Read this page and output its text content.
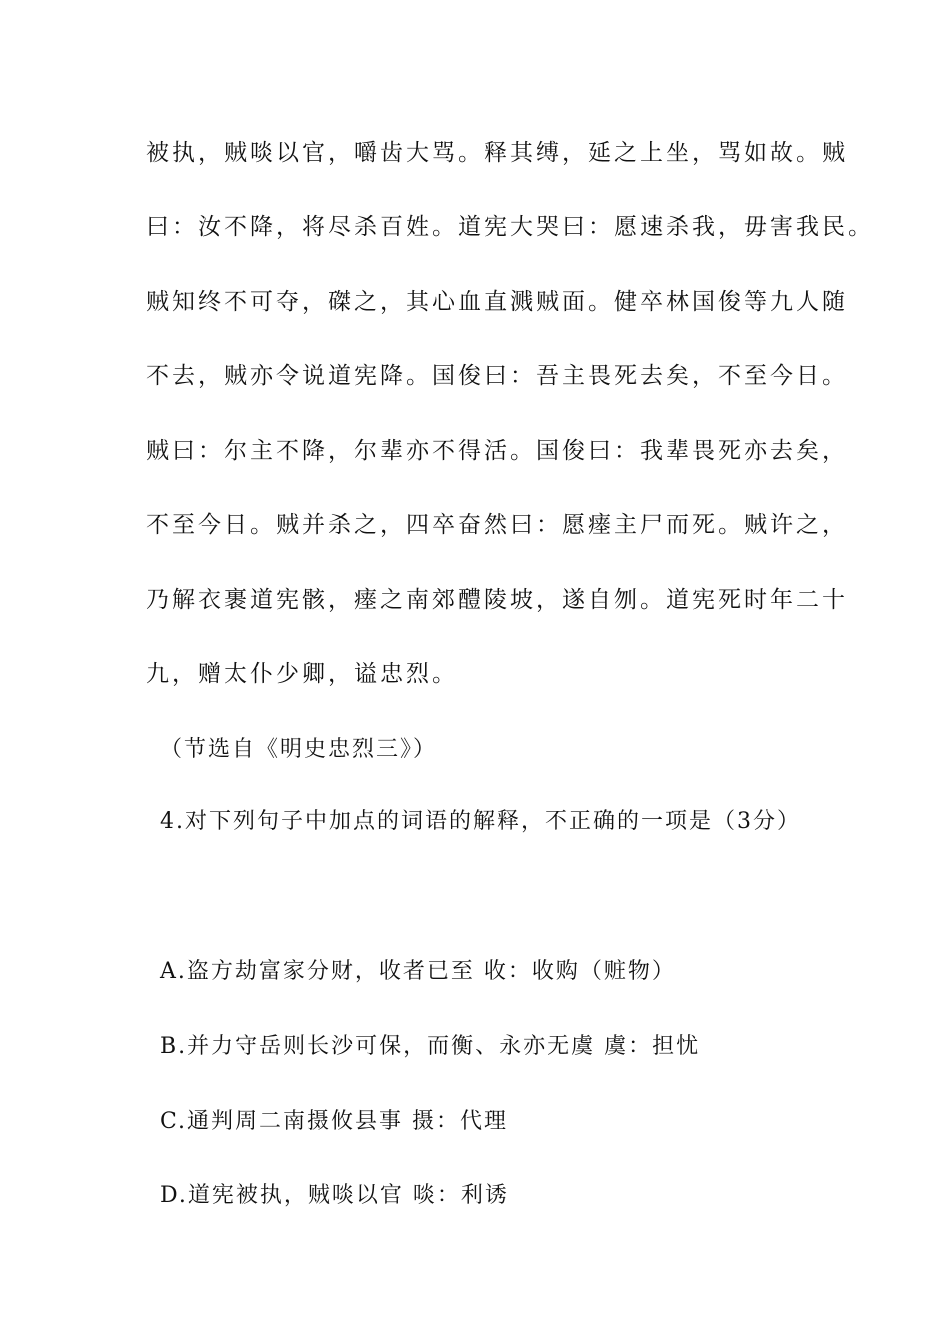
被执，贼啖以官，嚼齿大骂。释其缚，延之上坐，骂如故。贼
曰：汝不降，将尽杀百姓。道宪大哭曰：愿速杀我，毋害我民。
贼知终不可夺，磔之，其心血直溅贼面。健卒林国俊等九人随
不去，贼亦令说道宪降。国俊曰：吾主畏死去矣，不至今日。
贼曰：尔主不降，尔辈亦不得活。国俊曰：我辈畏死亦去矣，
不至今日。贼并杀之，四卒奋然曰：愿瘗主尸而死。贼许之，
乃解衣裹道宪骸，瘗之南郊醴陵坡，遂自刎。道宪死时年二十
九，赠太仆少卿，谥忠烈。
（节选自《明史忠烈三》）
4.对下列句子中加点的词语的解释，不正确的一项是（3分）
A.盗方劫富家分财，收者已至 收：收购（赃物）
B.并力守岳则长沙可保，而衡、永亦无虞 虞：担忧
C.通判周二南摄攸县事 摄：代理
D.道宪被执，贼啖以官 啖：利诱
